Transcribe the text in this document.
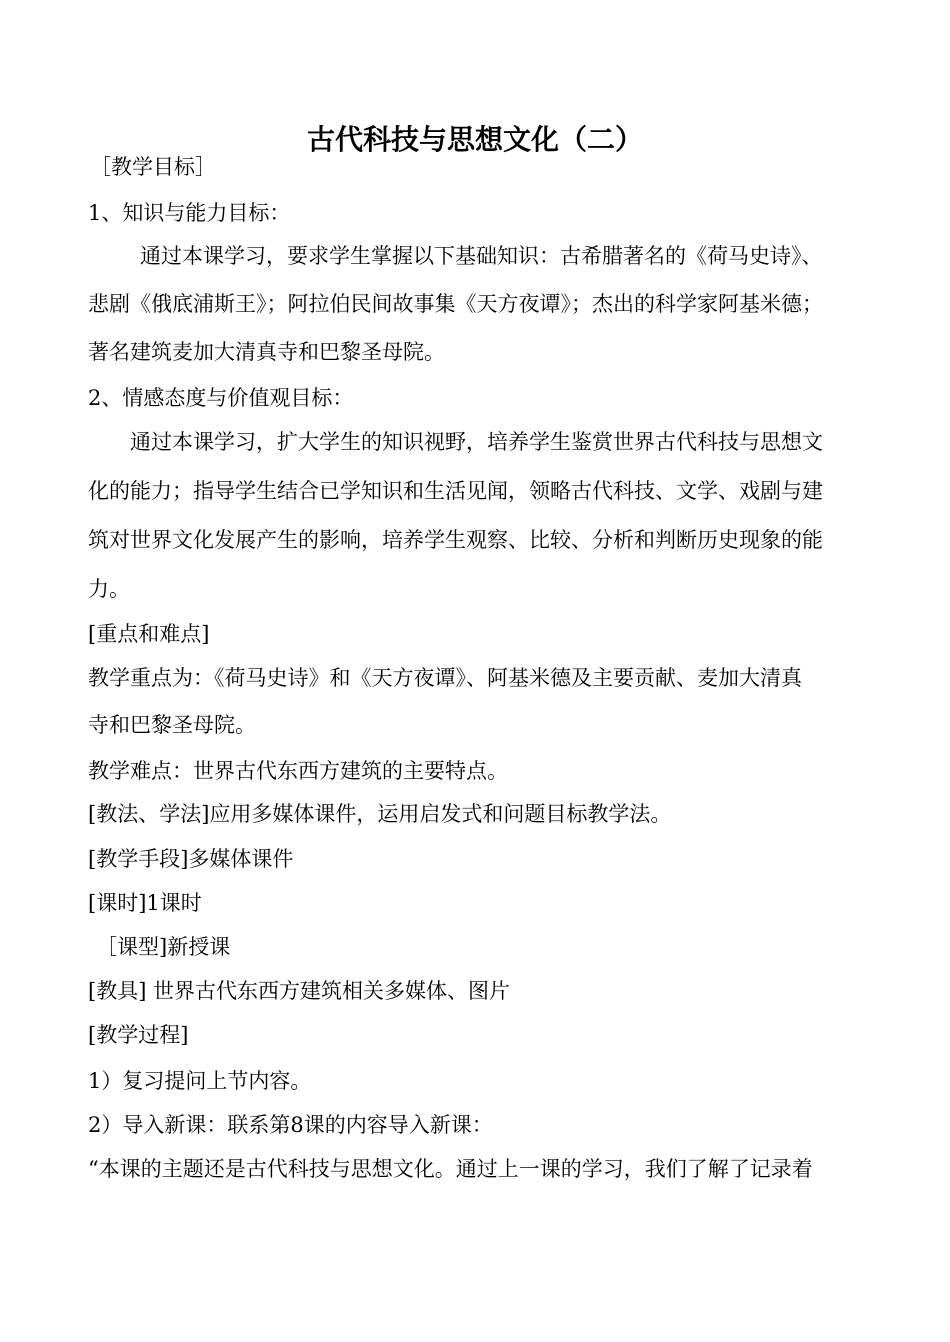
古代科技与思想文化（二）
［教学目标］
1、知识与能力目标：
通过本课学习，要求学生掌握以下基础知识：古希腊著名的《荷马史诗》、
悲剧《俄底浦斯王》；阿拉伯民间故事集《天方夜谭》；杰出的科学家阿基米德；
著名建筑麦加大清真寺和巴黎圣母院。
2、情感态度与价值观目标：
通过本课学习，扩大学生的知识视野，培养学生鉴赏世界古代科技与思想文
化的能力；指导学生结合已学知识和生活见闻，领略古代科技、文学、戏剧与建
筑对世界文化发展产生的影响，培养学生观察、比较、分析和判断历史现象的能
力。
[重点和难点]
教学重点为：《荷马史诗》和《天方夜谭》、阿基米德及主要贡献、麦加大清真
寺和巴黎圣母院。
教学难点：世界古代东西方建筑的主要特点。
[教法、学法]应用多媒体课件，运用启发式和问题目标教学法。
[教学手段]多媒体课件
[课时]1课时
［课型]新授课
[教具] 世界古代东西方建筑相关多媒体、图片
[教学过程]
1）复习提问上节内容。
2）导入新课：联系第8课的内容导入新课：
“本课的主题还是古代科技与思想文化。通过上一课的学习，我们了解了记录着
